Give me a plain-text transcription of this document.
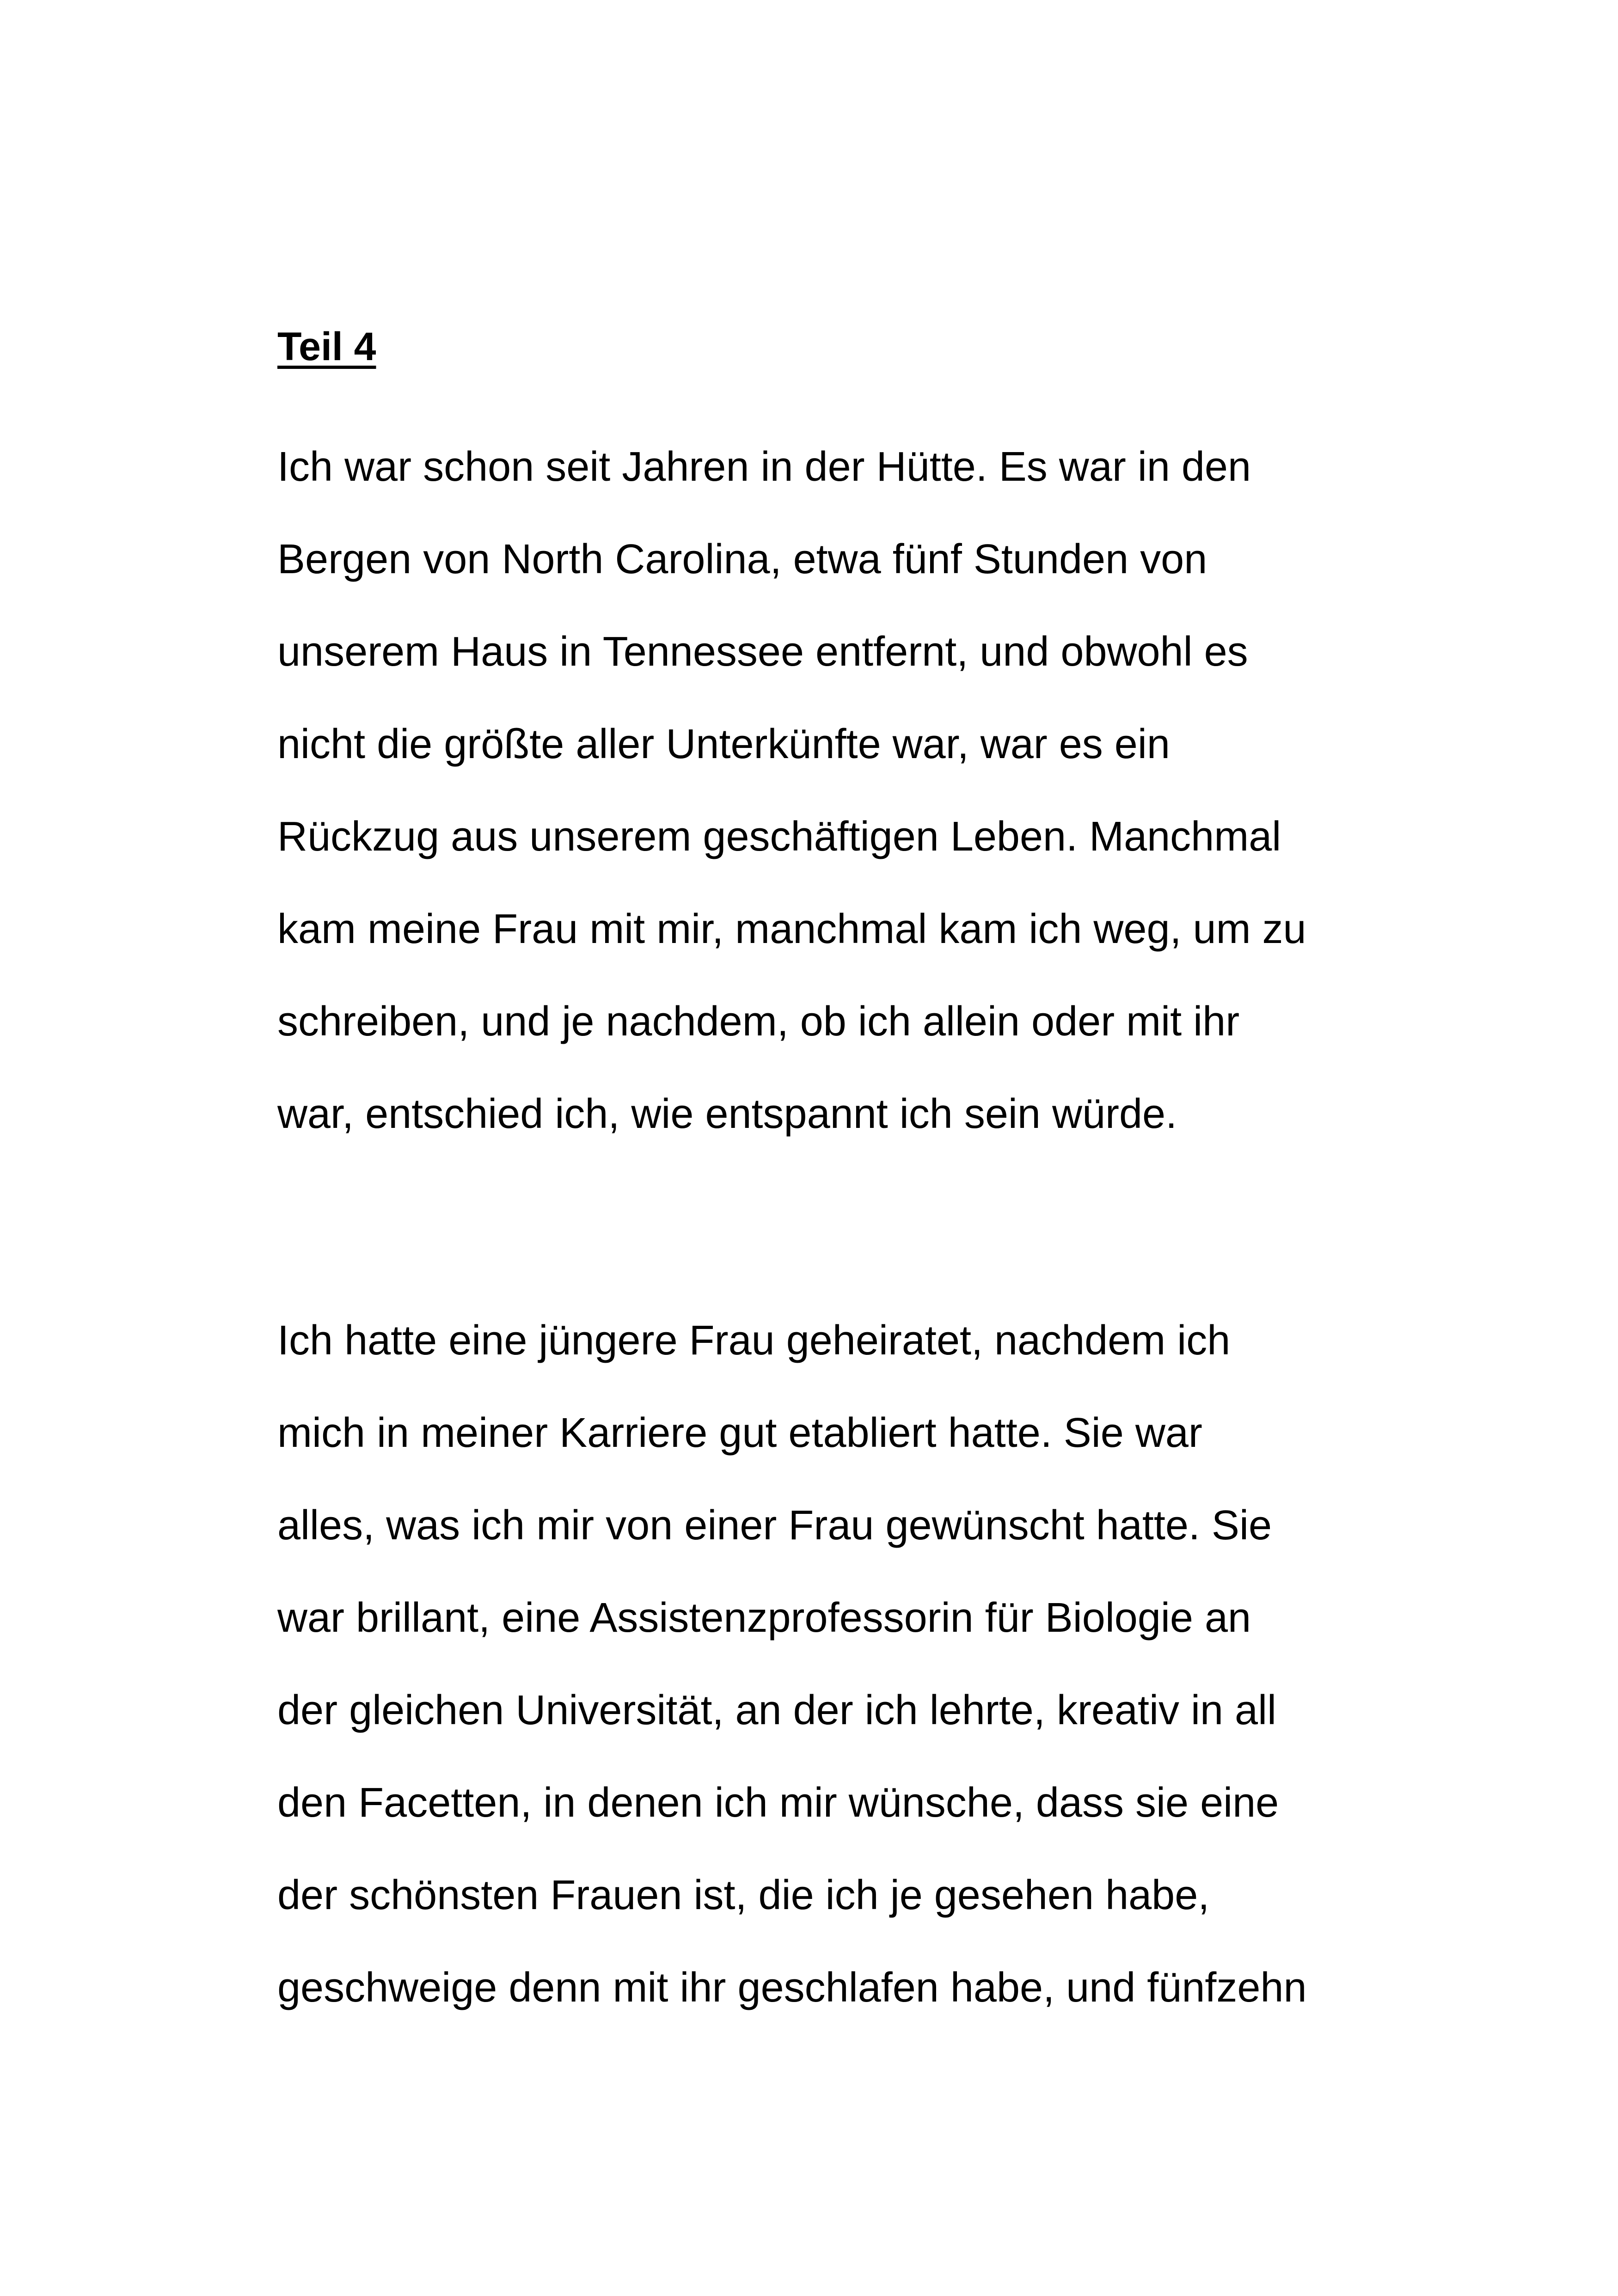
Teil 4

Ich war schon seit Jahren in der Hütte. Es war in den

Bergen von North Carolina, etwa fünf Stunden von

unserem Haus in Tennessee entfernt, und obwohl es

nicht die größte aller Unterkünfte war, war es ein

Rückzug aus unserem geschäftigen Leben. Manchmal

kam meine Frau mit mir, manchmal kam ich weg, um zu

schreiben, und je nachdem, ob ich allein oder mit ihr

war, entschied ich, wie entspannt ich sein würde.

Ich hatte eine jüngere Frau geheiratet, nachdem ich

mich in meiner Karriere gut etabliert hatte. Sie war

alles, was ich mir von einer Frau gewünscht hatte. Sie

war brillant, eine Assistenzprofessorin für Biologie an

der gleichen Universität, an der ich lehrte, kreativ in all

den Facetten, in denen ich mir wünsche, dass sie eine

der schönsten Frauen ist, die ich je gesehen habe,

geschweige denn mit ihr geschlafen habe, und fünfzehn
